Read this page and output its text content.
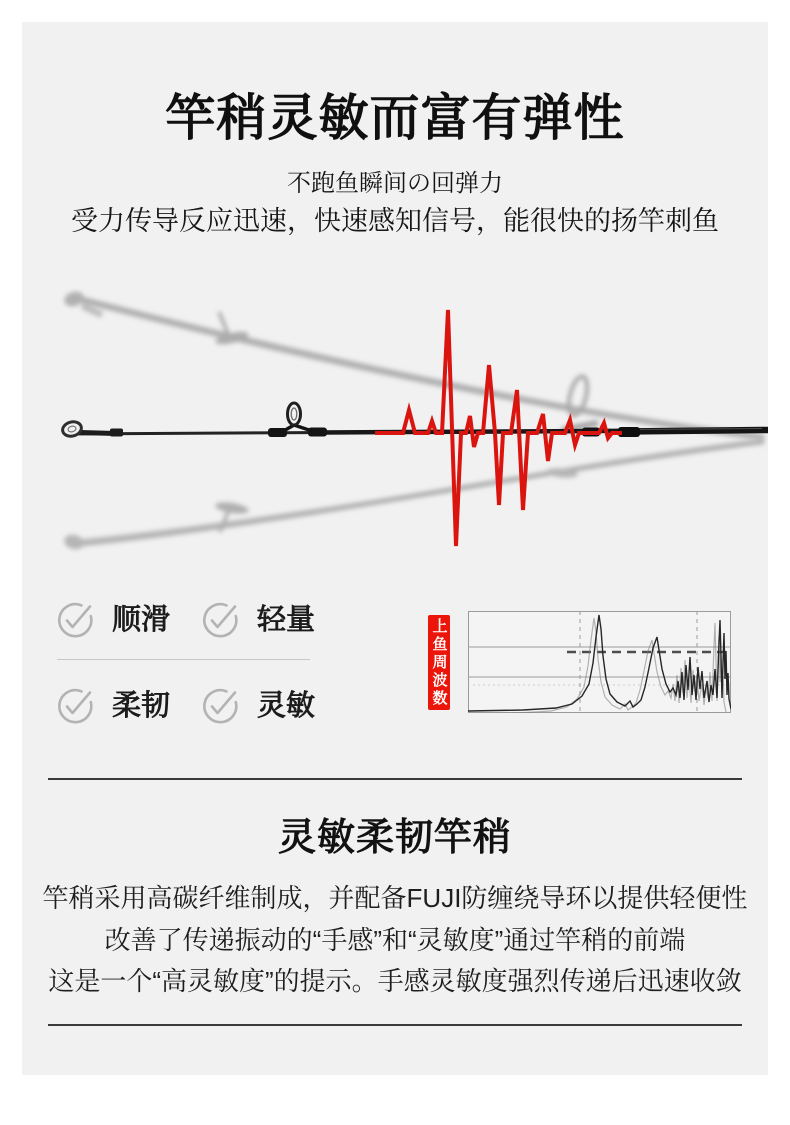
竿稍灵敏而富有弹性
不跑鱼瞬间の回弹力
受力传导反应迅速，快速感知信号，能很快的扬竿刺鱼
顺滑	轻量
柔韧	灵敏	上鱼周波数
灵敏柔韧竿稍
竿稍采用高碳纤维制成，并配备FUJI防缠绕导环以提供轻便性
改善了传递振动的“手感”和“灵敏度”通过竿稍的前端
这是一个“高灵敏度”的提示。手感灵敏度强烈传递后迅速收敛
